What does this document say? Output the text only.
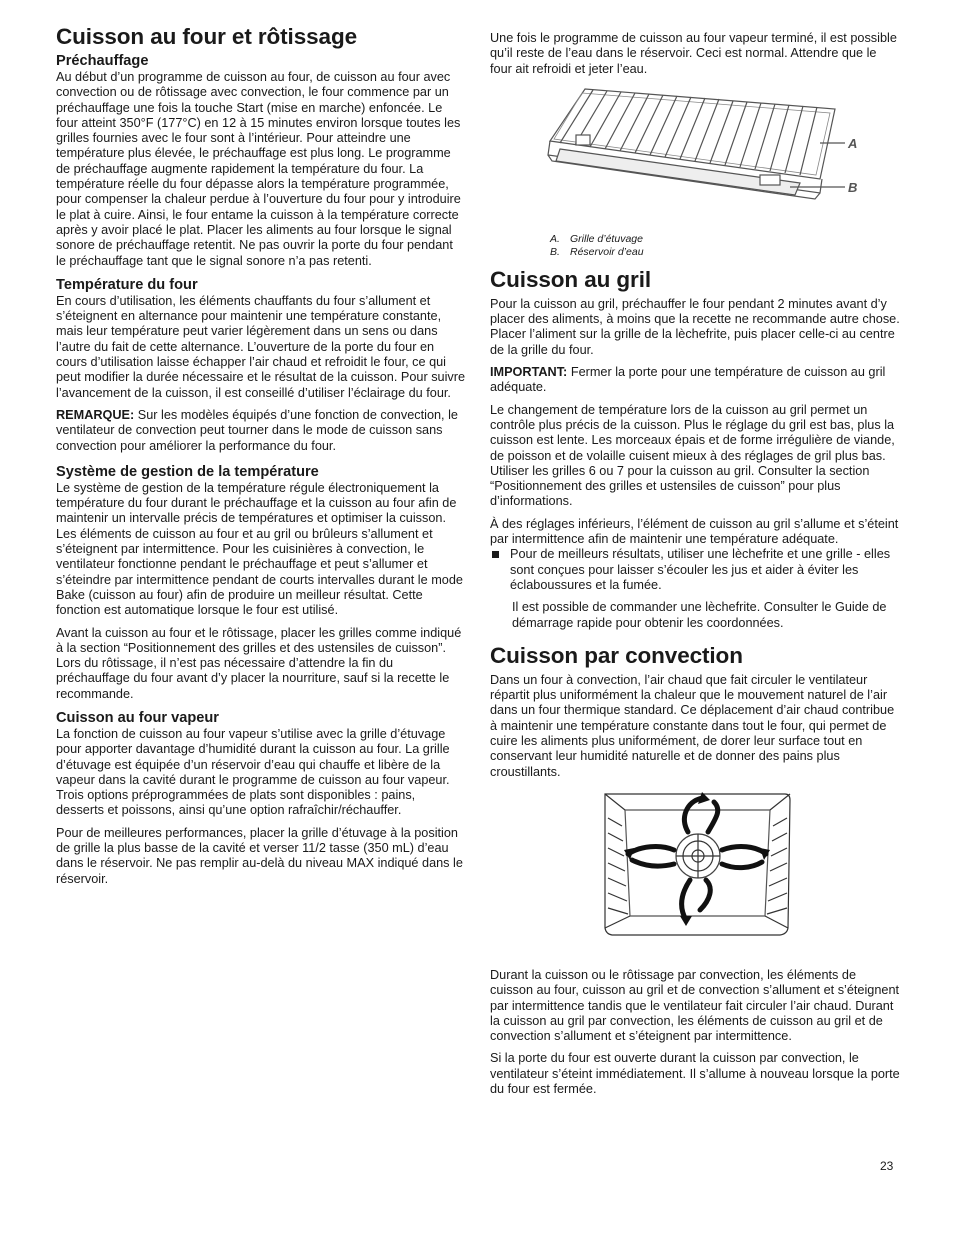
Cuisson au four et rôtissage
Préchauffage

Au début d’un programme de cuisson au four, de cuisson au four avec convection ou de rôtissage avec convection, le four commence par un préchauffage une fois la touche Start (mise en marche) enfoncée. Le four atteint 350°F (177°C) en 12 à 15 minutes environ lorsque toutes les grilles fournies avec le four sont à l’intérieur. Pour atteindre une température plus élevée, le préchauffage est plus long. Le programme de préchauffage augmente rapidement la température du four. La température réelle du four dépasse alors la température programmée, pour compenser la chaleur perdue à l’ouverture du four pour y introduire le plat à cuire. Ainsi, le four entame la cuisson à la température correcte après y avoir placé le plat. Placer les aliments au four lorsque le signal sonore de préchauffage retentit. Ne pas ouvrir la porte du four pendant le préchauffage tant que le signal sonore n’a pas retenti.

Température du four

En cours d’utilisation, les éléments chauffants du four s’allument et s’éteignent en alternance pour maintenir une température constante, mais leur température peut varier légèrement dans un sens ou dans l’autre du fait de cette alternance. L’ouverture de la porte du four en cours d’utilisation laisse échapper l’air chaud et refroidit le four, ce qui peut modifier la durée nécessaire et le résultat de la cuisson. Pour suivre l’avancement de la cuisson, il est conseillé d’utiliser l’éclairage du four.

REMARQUE: Sur les modèles équipés d’une fonction de convection, le ventilateur de convection peut tourner dans le mode de cuisson sans convection pour améliorer la performance du four.

Système de gestion de la température

Le système de gestion de la température régule électroniquement la température du four durant le préchauffage et la cuisson au four afin de maintenir un intervalle précis de températures et optimiser la cuisson. Les éléments de cuisson au four et au gril ou brûleurs s’allument et s’éteignent par intermittence. Pour les cuisinières à convection, le ventilateur fonctionne pendant le préchauffage et peut s’allumer et s’éteindre par intermittence pendant de courts intervalles durant le mode Bake (cuisson au four) afin de produire un meilleur résultat. Cette fonction est automatique lorsque le four est utilisé.

Avant la cuisson au four et le rôtissage, placer les grilles comme indiqué à la section “Positionnement des grilles et des ustensiles de cuisson”. Lors du rôtissage, il n’est pas nécessaire d’attendre la fin du préchauffage du four avant d’y placer la nourriture, sauf si la recette le recommande.

Cuisson au four vapeur

La fonction de cuisson au four vapeur s’utilise avec la grille d’étuvage pour apporter davantage d’humidité durant la cuisson au four. La grille d’étuvage est équipée d’un réservoir d’eau qui chauffe et libère de la vapeur dans la cavité durant le programme de cuisson au four vapeur. Trois options préprogrammées de plats sont disponibles : pains, desserts et poissons, ainsi qu’une option rafraîchir/réchauffer.

Pour de meilleures performances, placer la grille d’étuvage à la position de grille la plus basse de la cavité et verser 11/2 tasse (350 mL) d’eau dans le réservoir. Ne pas remplir au-delà du niveau MAX indiqué dans le réservoir.

Une fois le programme de cuisson au four vapeur terminé, il est possible qu’il reste de l’eau dans le réservoir. Ceci est normal. Attendre que le four ait refroidi et jeter l’eau.

A
B
A. Grille d’étuvage
B. Réservoir d’eau
Cuisson au gril

Pour la cuisson au gril, préchauffer le four pendant 2 minutes avant d’y placer des aliments, à moins que la recette ne recommande autre chose. Placer l’aliment sur la grille de la lèchefrite, puis placer celle-ci au centre de la grille du four.

IMPORTANT: Fermer la porte pour une température de cuisson au gril adéquate.

Le changement de température lors de la cuisson au gril permet un contrôle plus précis de la cuisson. Plus le réglage du gril est bas, plus la cuisson est lente. Les morceaux épais et de forme irrégulière de viande, de poisson et de volaille cuisent mieux à des réglages de gril plus bas. Utiliser les grilles 6 ou 7 pour la cuisson au gril. Consulter la section “Positionnement des grilles et ustensiles de cuisson” pour plus d’informations.

À des réglages inférieurs, l’élément de cuisson au gril s’allume et s’éteint par intermittence afin de maintenir une température adéquate.

Pour de meilleurs résultats, utiliser une lèchefrite et une grille - elles sont conçues pour laisser s’écouler les jus et aider à éviter les éclaboussures et la fumée.

Il est possible de commander une lèchefrite. Consulter le Guide de démarrage rapide pour obtenir les coordonnées.

Cuisson par convection

Dans un four à convection, l’air chaud que fait circuler le ventilateur répartit plus uniformément la chaleur que le mouvement naturel de l’air dans un four thermique standard. Ce déplacement d’air chaud contribue à maintenir une température constante dans tout le four, qui permet de cuire les aliments plus uniformément, de dorer leur surface tout en conservant leur humidité naturelle et de donner des pains plus croustillants.

Durant la cuisson ou le rôtissage par convection, les éléments de cuisson au four, cuisson au gril et de convection s’allument et s’éteignent par intermittence tandis que le ventilateur fait circuler l’air chaud. Durant la cuisson au gril par convection, les éléments de cuisson au gril et de convection s’allument et s’éteignent par intermittence.

Si la porte du four est ouverte durant la cuisson par convection, le ventilateur s’éteint immédiatement. Il s’allume à nouveau lorsque la porte du four est fermée.

23
